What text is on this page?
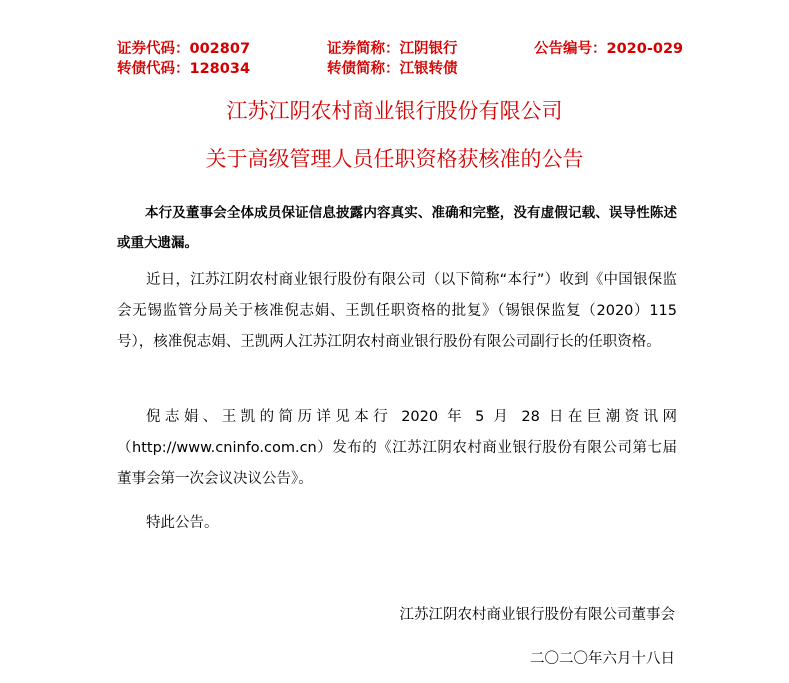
证券代码：002807	证券简称：江阴银行	公告编号：2020-029
转债代码：128034	转债简称：江银转债
江苏江阴农村商业银行股份有限公司
关于高级管理人员任职资格获核准的公告
本行及董事会全体成员保证信息披露内容真实、准确和完整，没有虚假记载、误导性陈述或重大遗漏。
近日，江苏江阴农村商业银行股份有限公司（以下简称“本行”）收到《中国银保监会无锡监管分局关于核准倪志娟、王凯任职资格的批复》（锡银保监复（2020）115 号），核准倪志娟、王凯两人江苏江阴农村商业银行股份有限公司副行长的任职资格。
倪志娟、王凯的简历详见本行 2020 年 5 月 28 日在巨潮资讯网（http://www.cninfo.com.cn）发布的《江苏江阴农村商业银行股份有限公司第七届董事会第一次会议决议公告》。
特此公告。
江苏江阴农村商业银行股份有限公司董事会
二〇二〇年六月十八日
